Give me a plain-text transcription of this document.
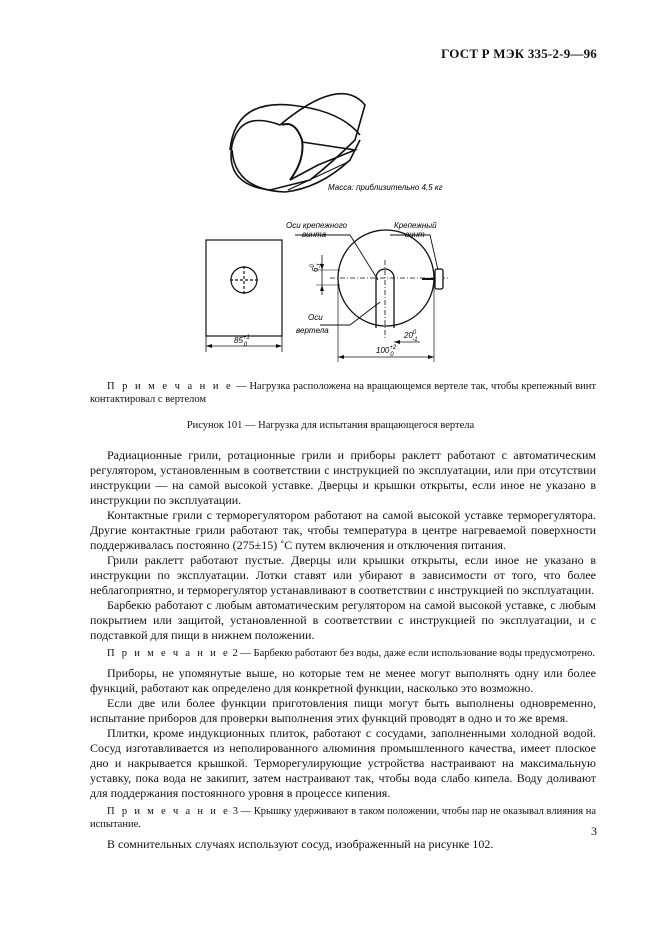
ГОСТ Р МЭК 335-2-9—96
Масса: приблизительно 4,5 кг
$85^{+1}$ 0
Оси крепежного
винта
Крепежный
винт
Оси
вертела
$100^{+2}$ 0
$20^0$ -1
$6^0-1$

П р и м е ч а н и е — Нагрузка расположена на вращающемся вертеле так, чтобы крепежный винт контактировал с вертелом

Рисунок 101 — Нагрузка для испытания вращающегося вертела

Радиационные грили, ротационные грили и приборы раклетт работают с автоматическим регулятором, установленным в соответствии с инструкцией по эксплуатации, или при отсутствии инструкции — на самой высокой уставке. Дверцы и крышки открыты, если иное не указано в инструкции по эксплуатации.

Контактные грили с терморегулятором работают на самой высокой уставке терморегулятора. Другие контактные грили работают так, чтобы температура в центре нагреваемой поверхности поддерживалась постоянно (275±15) ˚С путем включения и отключения питания.

Грили раклетт работают пустые. Дверцы или крышки открыты, если иное не указано в инструкции по эксплуатации. Лотки ставят или убирают в зависимости от того, что более неблагоприятно, и терморегулятор устанавливают в соответствии с инструкцией по эксплуатации.

Барбекю работают с любым автоматическим регулятором на самой высокой уставке, с любым покрытием или защитой, установленной в соответствии с инструкцией по эксплуатации, и с подставкой для пищи в нижнем положении.

П р и м е ч а н и е 2 — Барбекю работают без воды, даже если использование воды предусмотрено.

Приборы, не упомянутые выше, но которые тем не менее могут выполнять одну или более функций, работают как определено для конкретной функции, насколько это возможно.

Если две или более функции приготовления пищи могут быть выполнены одновременно, испытание приборов для проверки выполнения этих функций проводят в одно и то же время.

Плитки, кроме индукционных плиток, работают с сосудами, заполненными холодной водой. Сосуд изготавливается из неполированного алюминия промышленного качества, имеет плоское дно и накрывается крышкой. Терморегулирующие устройства настраивают на максимальную уставку, пока вода не закипит, затем настраивают так, чтобы вода слабо кипела. Воду доливают для поддержания постоянного уровня в процессе кипения.

П р и м е ч а н и е 3 — Крышку удерживают в таком положении, чтобы пар не оказывал влияния на испытание.

В сомнительных случаях используют сосуд, изображенный на рисунке 102.

3
